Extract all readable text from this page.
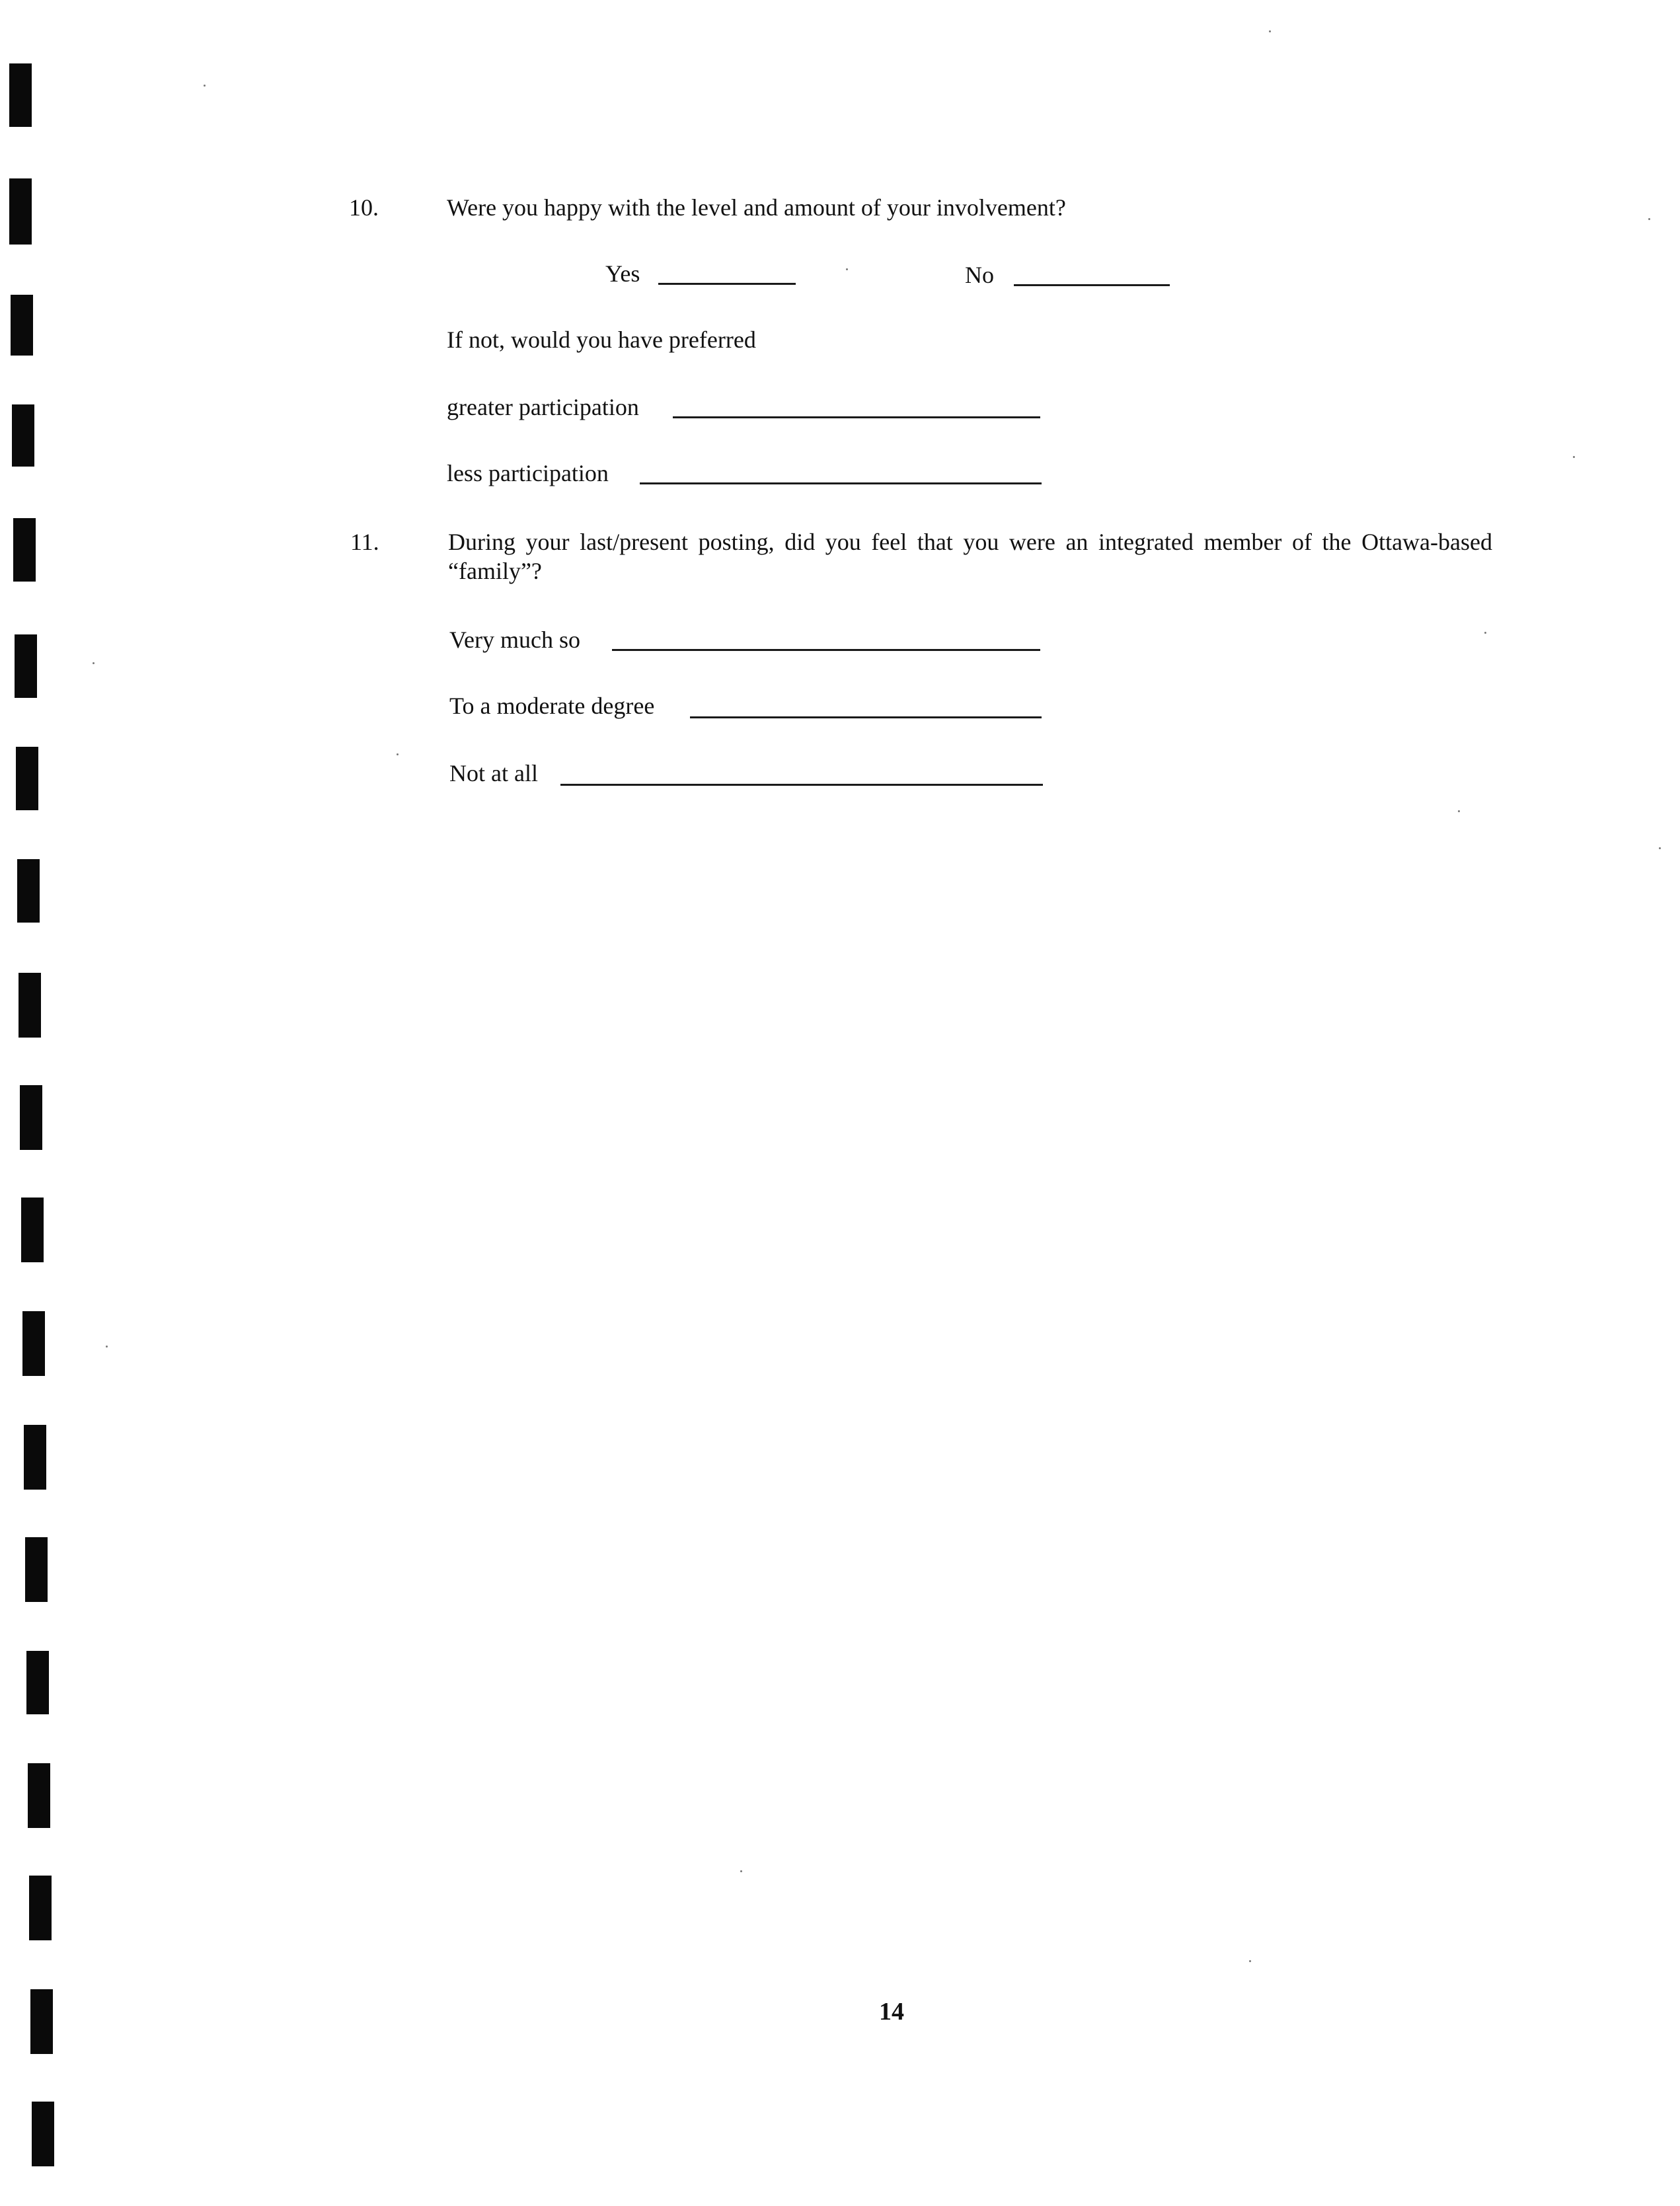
10.	Were you happy with the level and amount of your involvement?
Yes	No
If not, would you have preferred
greater participation
less participation
11.	During your last/present posting, did you feel that you were an integrated member of the Ottawa-based “family”?
Very much so
To a moderate degree
Not at all
14
